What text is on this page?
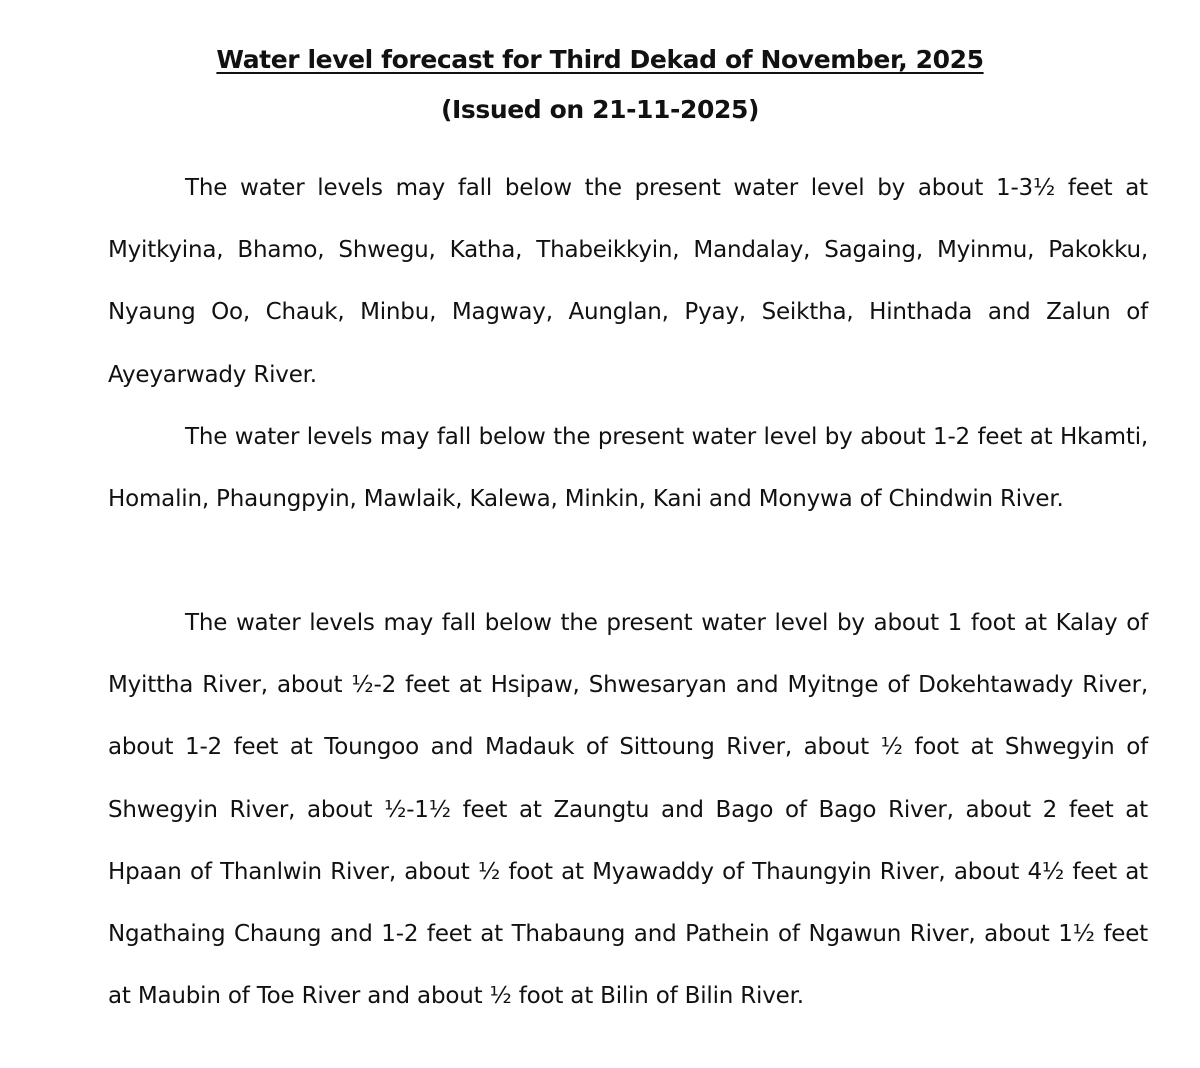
Water level forecast for Third Dekad of November, 2025
(Issued on 21-11-2025)

The water levels may fall below the present water level by about 1-3½ feet at Myitkyina, Bhamo, Shwegu, Katha, Thabeikkyin, Mandalay, Sagaing, Myinmu, Pakokku, Nyaung Oo, Chauk, Minbu, Magway, Aunglan, Pyay, Seiktha, Hinthada and Zalun of Ayeyarwady River.

The water levels may fall below the present water level by about 1-2 feet at Hkamti, Homalin, Phaungpyin, Mawlaik, Kalewa, Minkin, Kani and Monywa of Chindwin River.

The water levels may fall below the present water level by about 1 foot at Kalay of Myittha River, about ½-2 feet at Hsipaw, Shwesaryan and Myitnge of Dokehtawady River, about 1-2 feet at Toungoo and Madauk of Sittoung River, about ½ foot at Shwegyin of Shwegyin River, about ½-1½ feet at Zaungtu and Bago of Bago River, about 2 feet at Hpaan of Thanlwin River, about ½ foot at Myawaddy of Thaungyin River, about 4½ feet at Ngathaing Chaung and 1-2 feet at Thabaung and Pathein of Ngawun River, about 1½ feet at Maubin of Toe River and about ½ foot at Bilin of Bilin River.
